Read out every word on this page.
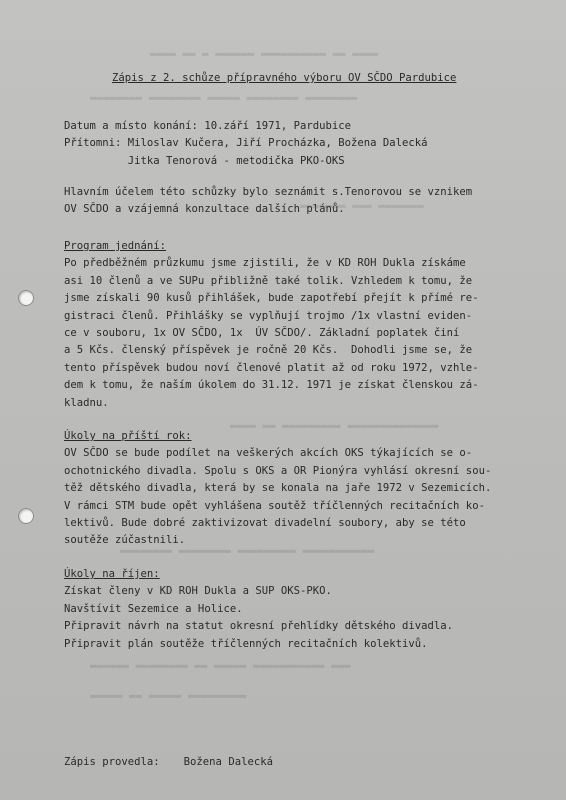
▬▬▬▬ ▬▬ ▬ ▬▬▬▬▬▬ ▬▬▬▬▬▬▬▬▬▬ ▬▬ ▬▬▬▬
▬▬▬▬▬▬▬▬ ▬▬▬▬▬▬▬▬ ▬▬▬▬▬ ▬▬▬▬▬▬▬▬ ▬▬▬▬▬▬▬▬
▬▬▬▬▬▬▬ ▬▬▬ ▬▬▬▬▬▬▬
▬▬▬▬ ▬▬ ▬▬▬▬▬▬▬▬▬ ▬▬▬▬▬▬▬▬▬▬▬▬▬▬
▬▬▬▬▬▬▬▬ ▬▬▬▬▬▬▬▬ ▬▬▬▬▬▬▬▬▬ ▬▬▬▬▬▬▬▬▬▬▬
▬▬▬▬▬▬ ▬▬▬▬▬▬▬▬ ▬▬ ▬▬▬▬▬ ▬▬▬▬▬▬▬▬▬▬▬ ▬▬▬
▬▬▬▬▬ ▬▬ ▬▬▬▬▬ ▬▬▬▬▬▬▬▬▬
Zápis z 2. schůze přípravného výboru OV SČDO Pardubice
Datum a místo konání: 10.září 1971, Pardubice
Přítomni: Miloslav Kučera, Jiří Procházka, Božena Dalecká
Jitka Tenorová - metodička PKO-OKS
Hlavním účelem této schůzky bylo seznámit s.Tenorovou se vznikem
OV SČDO a vzájemná konzultace dalších plánů.
Program jednání:
Po předběžném průzkumu jsme zjistili, že v KD ROH Dukla získáme
asi 10 členů a ve SUPu přibližně také tolik. Vzhledem k tomu, že
jsme získali 90 kusů přihlášek, bude zapotřebí přejít k přímé re-
gistraci členů. Přihlášky se vyplňují trojmo /1x vlastní eviden-
ce v souboru, 1x OV SČDO, 1x  ÚV SČDO/. Základní poplatek činí
a 5 Kčs. členský příspěvek je ročně 20 Kčs.  Dohodli jsme se, že
tento příspěvek budou noví členové platit až od roku 1972, vzhle-
dem k tomu, že naším úkolem do 31.12. 1971 je získat členskou zá-
kladnu.
Úkoly na příští rok:
OV SČDO se bude podílet na veškerých akcích OKS týkajících se o-
ochotnického divadla. Spolu s OKS a OR Pionýra vyhlásí okresní sou-
těž dětského divadla, která by se konala na jaře 1972 v Sezemicích.
V rámci STM bude opět vyhlášena soutěž tříčlenných recitačních ko-
lektivů. Bude dobré zaktivizovat divadelní soubory, aby se této
soutěže zúčastnili.
Úkoly na říjen:
Získat členy v KD ROH Dukla a SUP OKS-PKO.
Navštívit Sezemice a Holice.
Připravit návrh na statut okresní přehlídky dětského divadla.
Připravit plán soutěže tříčlenných recitačních kolektivů.
Zápis provedla: Božena Dalecká
